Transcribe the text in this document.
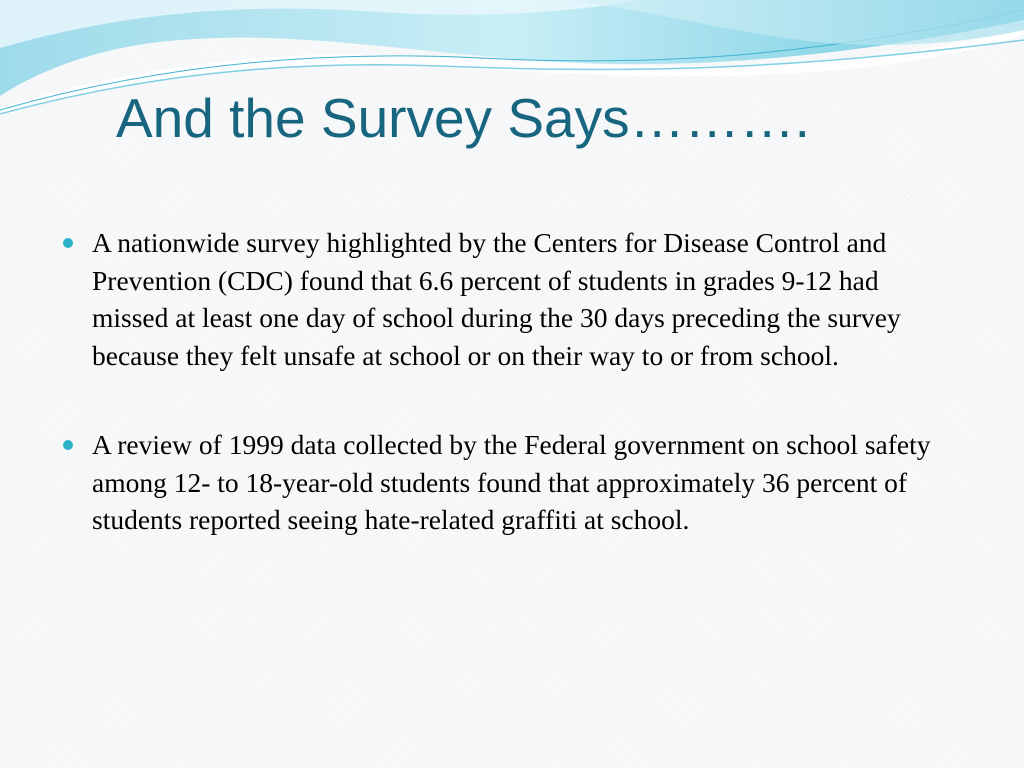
And the Survey Says……….
A nationwide survey highlighted by the Centers for Disease Control and Prevention (CDC) found that 6.6 percent of students in grades 9-12 had missed at least one day of school during the 30 days preceding the survey because they felt unsafe at school or on their way to or from school.
A review of 1999 data collected by the Federal government on school safety among 12- to 18-year-old students found that approximately 36 percent of students reported seeing hate-related graffiti at school.
